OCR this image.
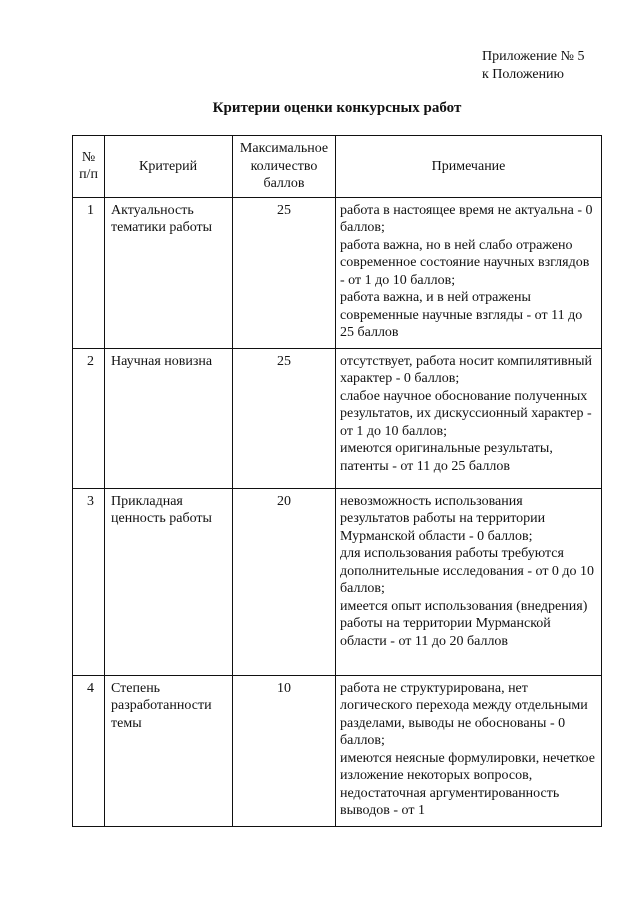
Приложение № 5
к Положению
Критерии оценки конкурсных работ
№ п/п	Критерий	Максимальное количество баллов	Примечание

1	Актуальность тематики работы	25	работа в настоящее время не актуальна - 0 баллов;
работа важна, но в ней слабо отражено современное состояние научных взглядов - от 1 до 10 баллов;
работа важна, и в ней отражены современные научные взгляды - от 11 до 25 баллов

2	Научная новизна	25	отсутствует, работа носит компилятивный характер - 0 баллов;
слабое научное обоснование полученных результатов, их дискуссионный характер - от 1 до 10 баллов;
имеются оригинальные результаты, патенты - от 11 до 25 баллов

3	Прикладная ценность работы	20	невозможность использования результатов работы на территории Мурманской области - 0 баллов;
для использования работы требуются дополнительные исследования - от 0 до 10 баллов;
имеется опыт использования (внедрения) работы на территории Мурманской области - от 11 до 20 баллов

4	Степень разработанности темы	10	работа не структурирована, нет логического перехода между отдельными разделами, выводы не обоснованы - 0 баллов;
имеются неясные формулировки, нечеткое изложение некоторых вопросов, недостаточная аргументированность выводов - от 1
